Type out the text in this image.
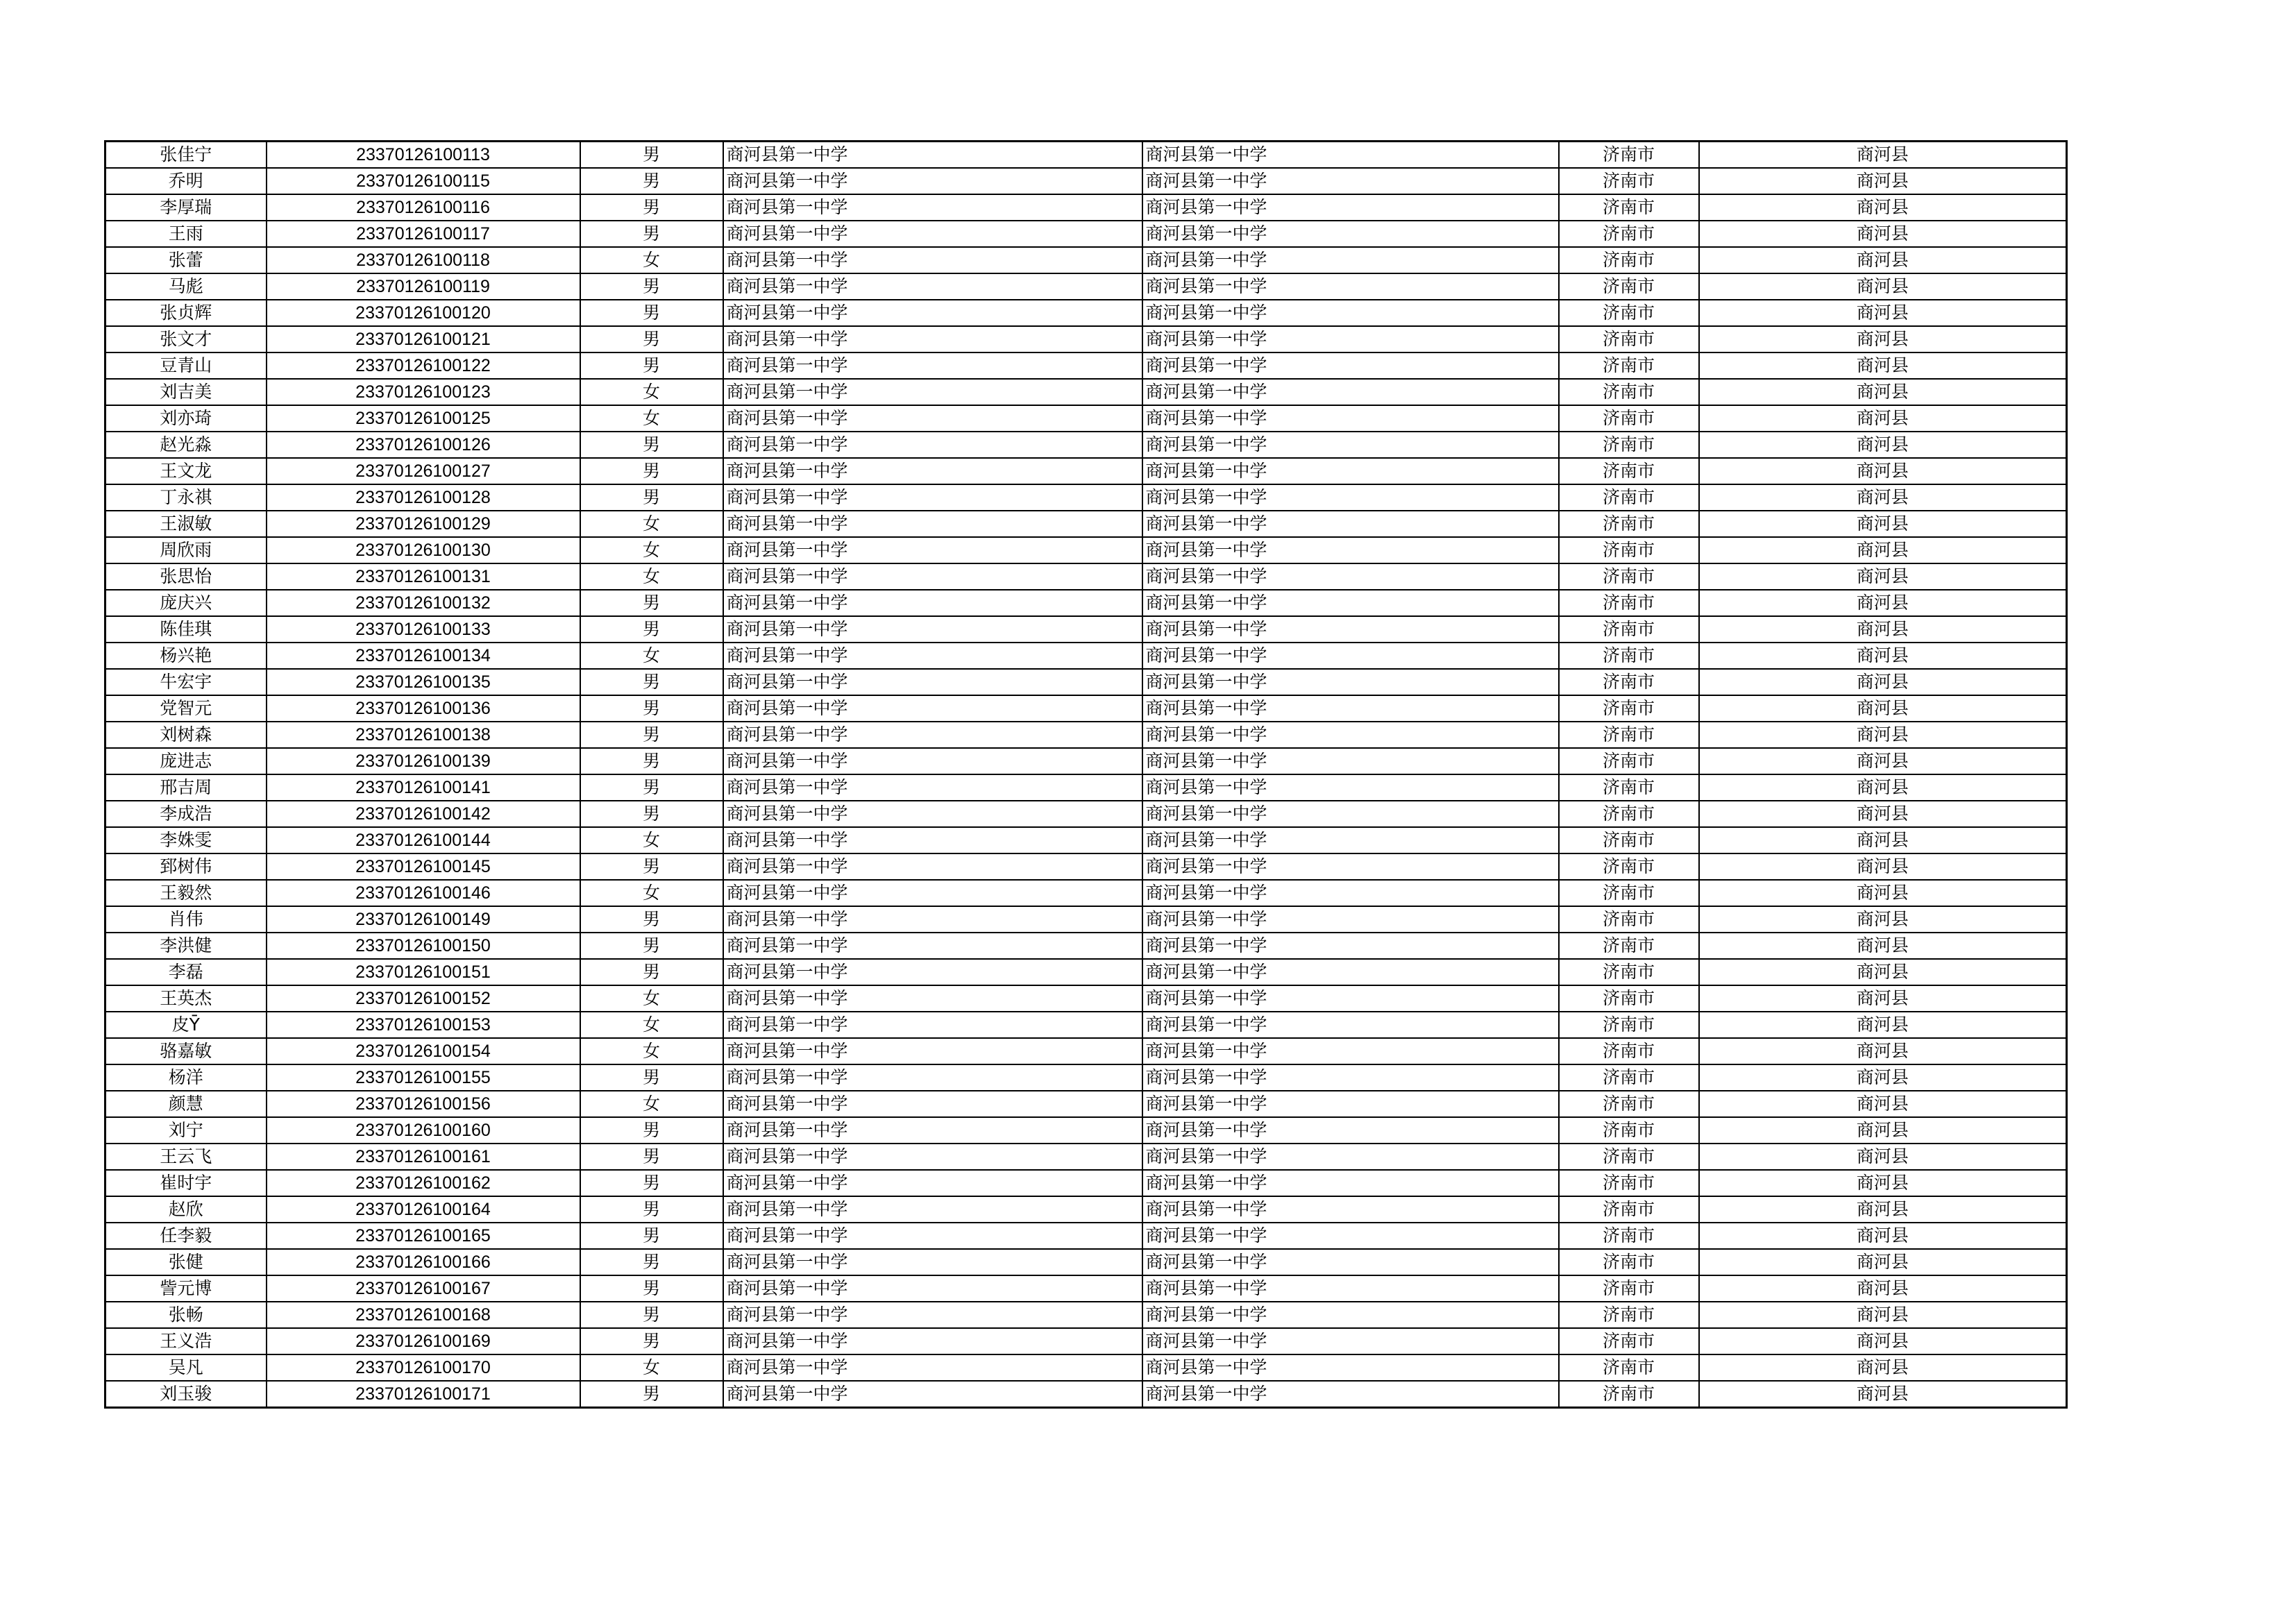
张佳宁	23370126100113	男	商河县第一中学	商河县第一中学	济南市	商河县
乔明	23370126100115	男	商河县第一中学	商河县第一中学	济南市	商河县
李厚瑞	23370126100116	男	商河县第一中学	商河县第一中学	济南市	商河县
王雨	23370126100117	男	商河县第一中学	商河县第一中学	济南市	商河县
张蕾	23370126100118	女	商河县第一中学	商河县第一中学	济南市	商河县
马彪	23370126100119	男	商河县第一中学	商河县第一中学	济南市	商河县
张贞辉	23370126100120	男	商河县第一中学	商河县第一中学	济南市	商河县
张文才	23370126100121	男	商河县第一中学	商河县第一中学	济南市	商河县
豆青山	23370126100122	男	商河县第一中学	商河县第一中学	济南市	商河县
刘吉美	23370126100123	女	商河县第一中学	商河县第一中学	济南市	商河县
刘亦琦	23370126100125	女	商河县第一中学	商河县第一中学	济南市	商河县
赵光淼	23370126100126	男	商河县第一中学	商河县第一中学	济南市	商河县
王文龙	23370126100127	男	商河县第一中学	商河县第一中学	济南市	商河县
丁永祺	23370126100128	男	商河县第一中学	商河县第一中学	济南市	商河县
王淑敏	23370126100129	女	商河县第一中学	商河县第一中学	济南市	商河县
周欣雨	23370126100130	女	商河县第一中学	商河县第一中学	济南市	商河县
张思怡	23370126100131	女	商河县第一中学	商河县第一中学	济南市	商河县
庞庆兴	23370126100132	男	商河县第一中学	商河县第一中学	济南市	商河县
陈佳琪	23370126100133	男	商河县第一中学	商河县第一中学	济南市	商河县
杨兴艳	23370126100134	女	商河县第一中学	商河县第一中学	济南市	商河县
牛宏宇	23370126100135	男	商河县第一中学	商河县第一中学	济南市	商河县
党智元	23370126100136	男	商河县第一中学	商河县第一中学	济南市	商河县
刘树森	23370126100138	男	商河县第一中学	商河县第一中学	济南市	商河县
庞进志	23370126100139	男	商河县第一中学	商河县第一中学	济南市	商河县
邢吉周	23370126100141	男	商河县第一中学	商河县第一中学	济南市	商河县
李成浩	23370126100142	男	商河县第一中学	商河县第一中学	济南市	商河县
李姝雯	23370126100144	女	商河县第一中学	商河县第一中学	济南市	商河县
郅树伟	23370126100145	男	商河县第一中学	商河县第一中学	济南市	商河县
王毅然	23370126100146	女	商河县第一中学	商河县第一中学	济南市	商河县
肖伟	23370126100149	男	商河县第一中学	商河县第一中学	济南市	商河县
李洪健	23370126100150	男	商河县第一中学	商河县第一中学	济南市	商河县
李磊	23370126100151	男	商河县第一中学	商河县第一中学	济南市	商河县
王英杰	23370126100152	女	商河县第一中学	商河县第一中学	济南市	商河县
皮Ȳ	23370126100153	女	商河县第一中学	商河县第一中学	济南市	商河县
骆嘉敏	23370126100154	女	商河县第一中学	商河县第一中学	济南市	商河县
杨洋	23370126100155	男	商河县第一中学	商河县第一中学	济南市	商河县
颜慧	23370126100156	女	商河县第一中学	商河县第一中学	济南市	商河县
刘宁	23370126100160	男	商河县第一中学	商河县第一中学	济南市	商河县
王云飞	23370126100161	男	商河县第一中学	商河县第一中学	济南市	商河县
崔时宇	23370126100162	男	商河县第一中学	商河县第一中学	济南市	商河县
赵欣	23370126100164	男	商河县第一中学	商河县第一中学	济南市	商河县
任李毅	23370126100165	男	商河县第一中学	商河县第一中学	济南市	商河县
张健	23370126100166	男	商河县第一中学	商河县第一中学	济南市	商河县
訾元博	23370126100167	男	商河县第一中学	商河县第一中学	济南市	商河县
张畅	23370126100168	男	商河县第一中学	商河县第一中学	济南市	商河县
王义浩	23370126100169	男	商河县第一中学	商河县第一中学	济南市	商河县
吴凡	23370126100170	女	商河县第一中学	商河县第一中学	济南市	商河县
刘玉骏	23370126100171	男	商河县第一中学	商河县第一中学	济南市	商河县
